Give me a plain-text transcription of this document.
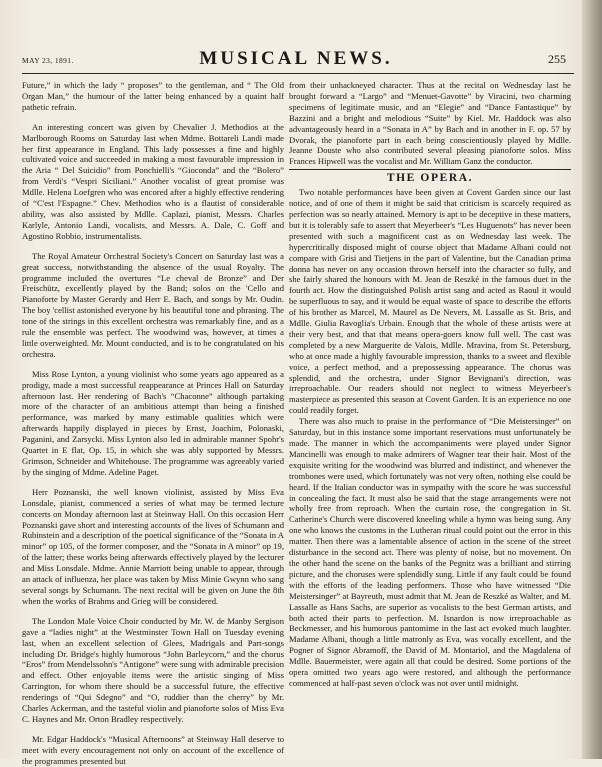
MAY 23, 1891.	MUSICAL NEWS.	255

Future,” in which the lady “ proposes” to the gentleman, and “ The Old Organ Man,” the humour of the latter being enhanced by a quaint half pathetic refrain.

An interesting concert was given by Chevalier J. Methodios at the Marlborough Rooms on Saturday last when Mdme. Bottareli Landi made her first appearance in England. This lady possesses a fine and highly cultivated voice and succeeded in making a most favourable impression in the Aria “ Del Suicidio” from Ponchielli's “Gioconda” and the “Bolero” from Verdi's “Vespri Siciliani.” Another vocalist of great promise was Mdlle. Helena Loefgren who was encored after a highly effective rendering of “C'est l'Espagne.” Chev. Methodios who is a flautist of considerable ability, was also assisted by Mdlle. Caplazi, pianist, Messrs. Charles Karlyle, Antonio Landi, vocalists, and Messrs. A. Dale, C. Goff and Agostino Robbio, instrumentalists.

The Royal Amateur Orchestral Society's Concert on Saturday last was a great success, notwithstanding the absence of the usual Royalty. The programme included the overtures “Le cheval de Bronze” and Der Freischütz, excellently played by the Band; solos on the 'Cello and Pianoforte by Master Gerardy and Herr E. Bach, and songs by Mr. Oudin. The boy 'cellist astonished everyone by his beautiful tone and phrasing. The tone of the strings in this excellent orchestra was remarkably fine, and as a rule the ensemble was perfect. The woodwind was, however, at times a little overweighted. Mr. Mount conducted, and is to be congratulated on his orchestra.

Miss Rose Lynton, a young violinist who some years ago appeared as a prodigy, made a most successful reappearance at Princes Hall on Saturday afternoon last. Her rendering of Bach's “Chaconne” although partaking more of the character of an ambitious attempt than being a finished performance, was marked by many estimable qualities which were afterwards happily displayed in pieces by Ernst, Joachim, Polonaski, Paganini, and Zarsycki. Miss Lynton also led in admirable manner Spohr's Quartet in E flat, Op. 15, in which she was ably supported by Messrs. Grimson, Schneider and Whitehouse. The programme was agreeably varied by the singing of Mdme. Adeline Paget.

Herr Poznanski, the well known violinist, assisted by Miss Eva Lonsdale, pianist, commenced a series of what may be termed lecture concerts on Monday afternoon last at Steinway Hall. On this occasion Herr Poznanski gave short and interesting accounts of the lives of Schumann and Rubinstein and a description of the poetical significance of the “Sonata in A minor” op 105, of the former composer, and the “Sonata in A minor” op 19, of the latter; these works being afterwards effectively played by the lecturer and Miss Lonsdale. Mdme. Annie Marriott being unable to appear, through an attack of influenza, her place was taken by Miss Minie Gwynn who sang several songs by Schumann. The next recital will be given on June the 8th when the works of Brahms and Grieg will be considered.

The London Male Voice Choir conducted by Mr. W. de Manby Sergison gave a “ladies night” at the Westminster Town Hall on Tuesday evening last, when an excellent selection of Glees, Madrigals and Part-songs including Dr. Bridge's highly humorous “John Barleycorn,” and the chorus “Eros” from Mendelssohn's “Antigone” were sung with admirable precision and effect. Other enjoyable items were the artistic singing of Miss Carrington, for whom there should be a successful future, the effective renderings of “Qui Sdegno” and “O, ruddier than the cherry” by Mr. Charles Ackerman, and the tasteful violin and pianoforte solos of Miss Eva C. Haynes and Mr. Orton Bradley respectively.

Mr. Edgar Haddock's “Musical Afternoons” at Steinway Hall deserve to meet with every encouragement not only on account of the excellence of the programmes presented but

from their unhackneyed character. Thus at the recital on Wednesday last he brought forward a “Largo” and “Menuet-Gavotte” by Viracini, two charming specimens of legitimate music, and an “Elegie” and “Dance Fantastique” by Bazzini and a bright and melodious “Suite” by Kiel. Mr. Haddock was also advantageously heard in a “Sonata in A” by Bach and in another in F. op. 57 by Dvorak, the pianoforte part in each being conscientiously played by Mdlle. Jeanne Douste who also contributed several pleasing pianoforte solos. Miss Frances Hipwell was the vocalist and Mr. William Ganz the conductor.

THE OPERA.

Two notable performances have been given at Covent Garden since our last notice, and of one of them it might be said that criticism is scarcely required as perfection was so nearly attained. Memory is apt to be deceptive in these matters, but it is tolerably safe to assert that Meyerbeer's “Les Huguenots” has never been presented with such a magnificent cast as on Wednesday last week. The hypercritically disposed might of course object that Madame Albani could not compare with Grisi and Tietjens in the part of Valentine, but the Canadian prima donna has never on any occasion thrown herself into the character so fully, and she fairly shared the honours with M. Jean de Reszké in the famous duet in the fourth act. How the distinguished Polish artist sang and acted as Raoul it would be superfluous to say, and it would be equal waste of space to describe the efforts of his brother as Marcel, M. Maurel as De Nevers, M. Lassalle as St. Bris, and Mdlle. Giulia Ravoglia's Urbain. Enough that the whole of these artists were at their very best, and that that means opera-goers know full well. The cast was completed by a new Marguerite de Valois, Mdlle. Mravina, from St. Petersburg, who at once made a highly favourable impression, thanks to a sweet and flexible voice, a perfect method, and a prepossessing appearance. The chorus was splendid, and the orchestra, under Signor Bevignani's direction, was irreproachable. Our readers should not neglect to witness Meyerbeer's masterpiece as presented this season at Covent Garden. It is an experience no one could readily forget.

There was also much to praise in the performance of “Die Meistersinger” on Saturday, but in this instance some important reservations must unfortunately be made. The manner in which the accompaniments were played under Signor Mancinelli was enough to make admirers of Wagner tear their hair. Most of the exquisite writing for the woodwind was blurred and indistinct, and whenever the trombones were used, which fortunately was not very often, nothing else could be heard. If the Italian conductor was in sympathy with the score he was successful in concealing the fact. It must also be said that the stage arrangements were not wholly free from reproach. When the curtain rose, the congregation in St. Catherine's Church were discovered kneeling while a hymn was being sung. Any one who knows the customs in the Lutheran ritual could point out the error in this matter. Then there was a lamentable absence of action in the scene of the street disturbance in the second act. There was plenty of noise, but no movement. On the other hand the scene on the banks of the Pegnitz was a brilliant and stirring picture, and the choruses were splendidly sung. Little if any fault could be found with the efforts of the leading performers. Those who have witnessed “Die Meistersinger” at Bayreuth, must admit that M. Jean de Reszké as Walter, and M. Lassalle as Hans Sachs, are superior as vocalists to the best German artists, and both acted their parts to perfection. M. Isnardon is now irreproachable as Beckmesser, and his humorous pantomime in the last act evoked much laughter. Madame Albani, though a little matronly as Eva, was vocally excellent, and the Pogner of Signor Abramoff, the David of M. Montariol, and the Magdalena of Mdlle. Bauermeister, were again all that could be desired. Some portions of the opera omitted two years ago were restored, and although the performance commenced at half-past seven o'clock was not over until midnight.
